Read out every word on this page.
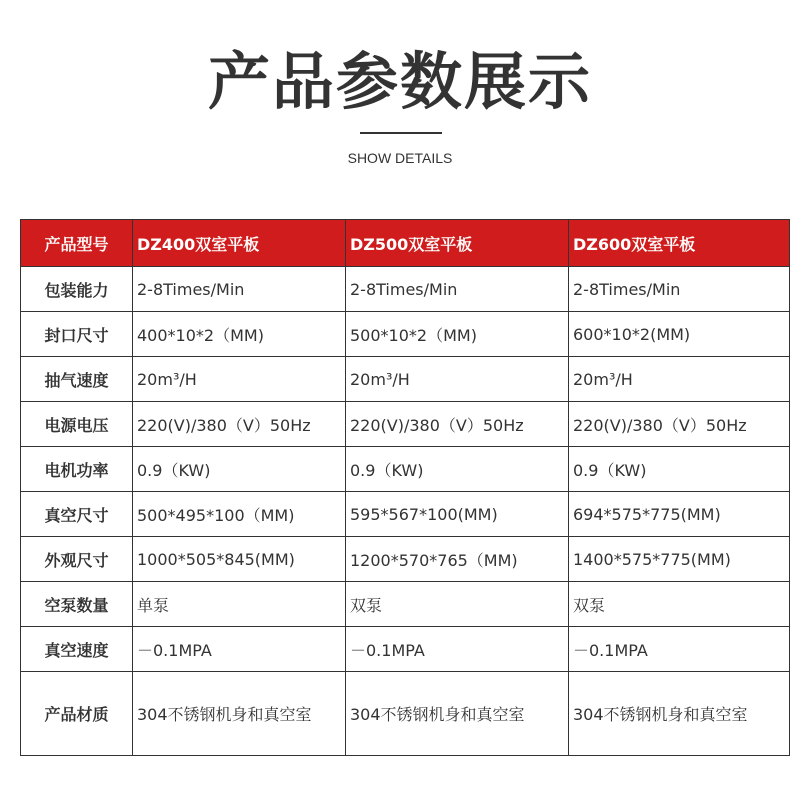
产品参数展示
SHOW DETAILS
产品型号	DZ400双室平板	DZ500双室平板	DZ600双室平板
包装能力	2-8Times/Min	2-8Times/Min	2-8Times/Min
封口尺寸	400*10*2（MM)	500*10*2（MM)	600*10*2(MM)
抽气速度	20m³/H	20m³/H	20m³/H
电源电压	220(V)/380（V）50Hz	220(V)/380（V）50Hz	220(V)/380（V）50Hz
电机功率	0.9（KW)	0.9（KW)	0.9（KW)
真空尺寸	500*495*100（MM)	595*567*100(MM)	694*575*775(MM)
外观尺寸	1000*505*845(MM)	1200*570*765（MM)	1400*575*775(MM)
空泵数量	单泵	双泵	双泵
真空速度	－0.1MPA	－0.1MPA	－0.1MPA
产品材质	304不锈钢机身和真空室	304不锈钢机身和真空室	304不锈钢机身和真空室
